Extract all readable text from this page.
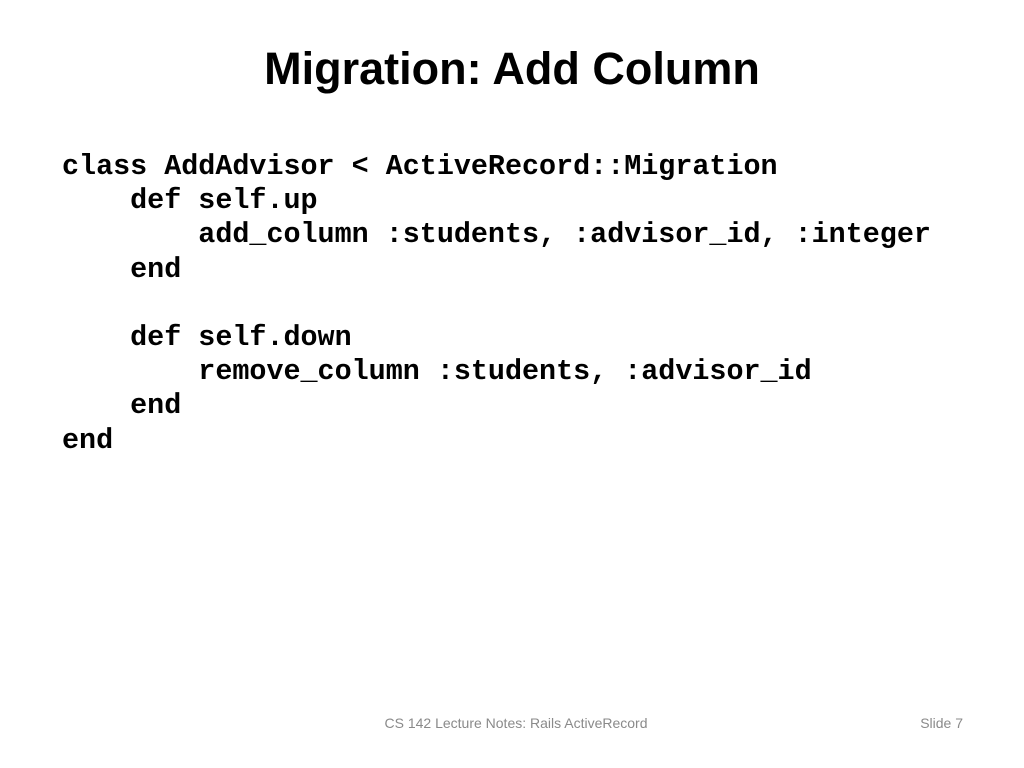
Migration: Add Column
class AddAdvisor < ActiveRecord::Migration
def self.up
add_column :students, :advisor_id, :integer
end
def self.down
remove_column :students, :advisor_id
end
end
CS 142 Lecture Notes: Rails ActiveRecord	Slide 7
